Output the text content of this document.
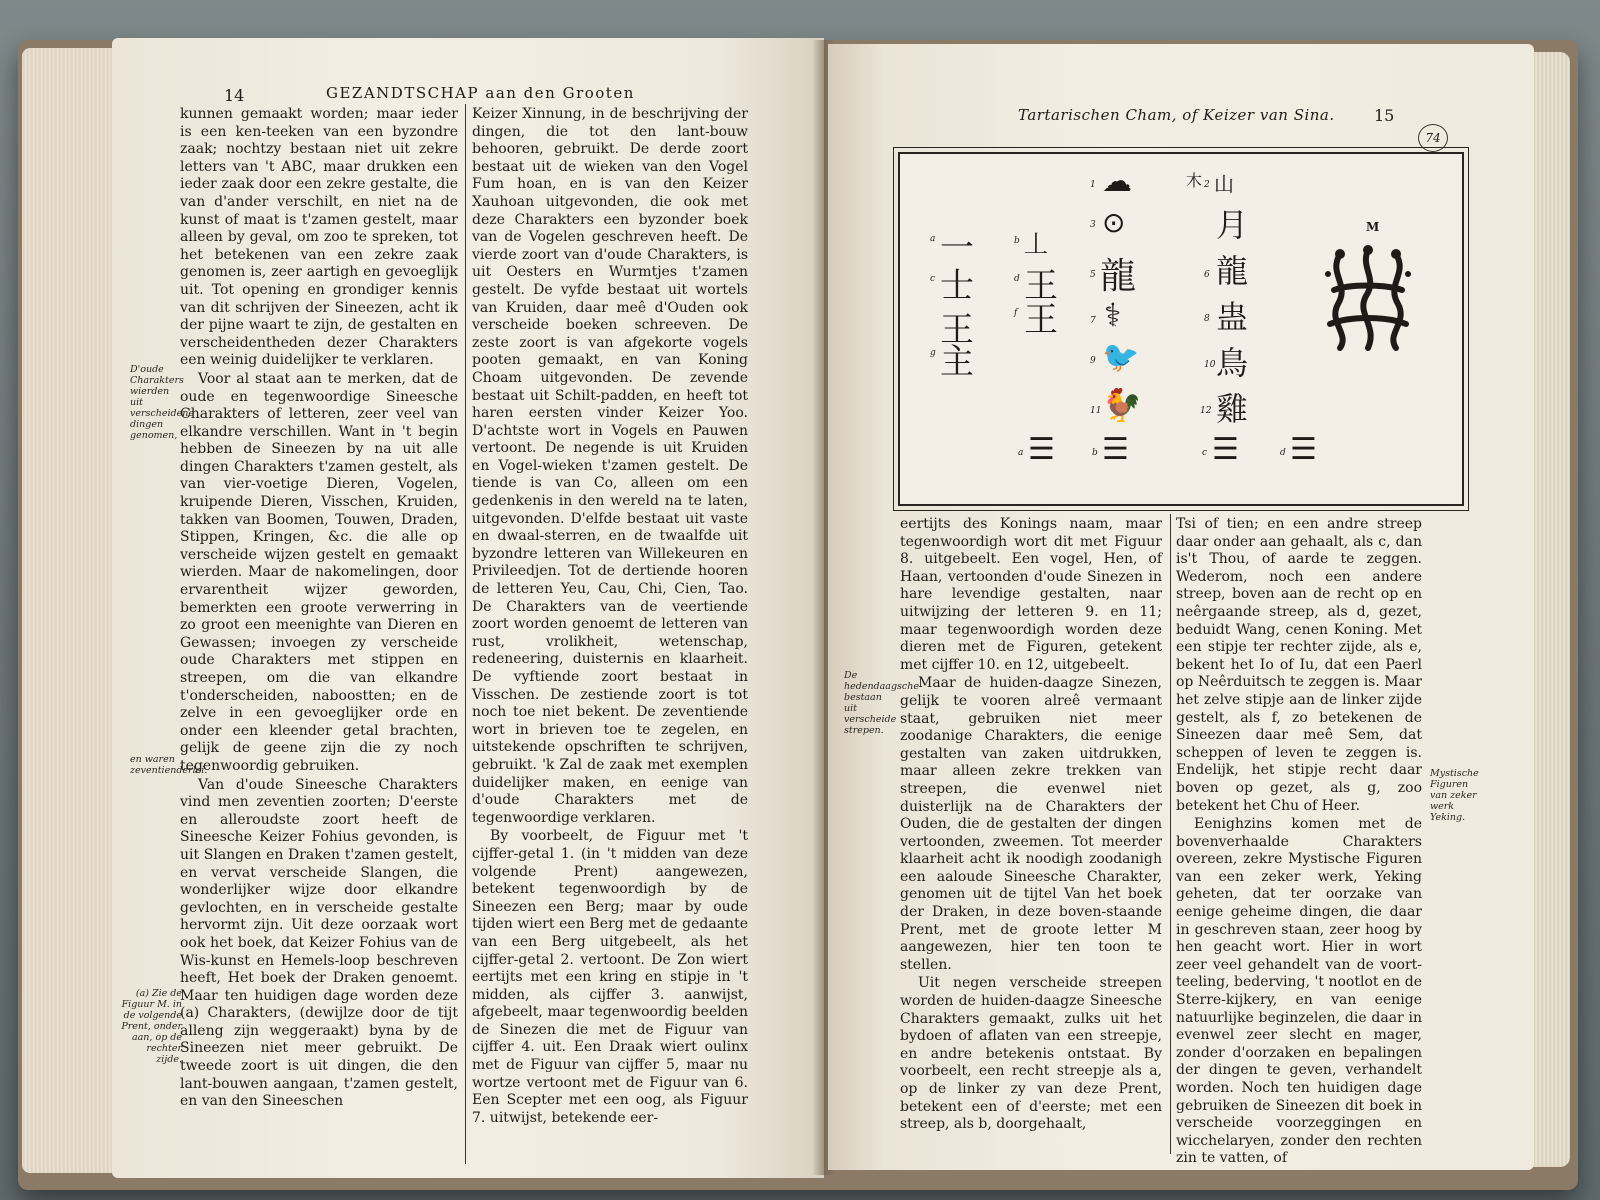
14	GEZANDTSCHAP aan den Grooten

kunnen gemaakt worden; maar ieder is een ken-teeken van een byzondre zaak; nochtzy bestaan niet uit zekre letters van 't ABC, maar drukken een ieder zaak door een zekre gestalte, die van d'ander verschilt, en niet na de kunst of maat is t'zamen gestelt, maar alleen by geval, om zoo te spreken, tot het betekenen van een zekre zaak genomen is, zeer aartigh en gevoeglijk uit. Tot opening en grondiger kennis van dit schrijven der Sineezen, acht ik der pijne waart te zijn, de gestalten en verscheidentheden dezer Charakters een weinig duidelijker te verklaren.

Voor al staat aan te merken, dat de oude en tegenwoordige Sineesche Charakters of letteren, zeer veel van elkandre verschillen. Want in 't begin hebben de Sineezen by na uit alle dingen Charakters t'zamen gestelt, als van vier-voetige Dieren, Vogelen, kruipende Dieren, Visschen, Kruiden, takken van Boomen, Touwen, Draden, Stippen, Kringen, &c. die alle op verscheide wijzen gestelt en gemaakt wierden. Maar de nakomelingen, door ervarentheit wijzer geworden, bemerkten een groote verwerring in zo groot een meenighte van Dieren en Gewassen; invoegen zy verscheide oude Charakters met stippen en streepen, om die van elkandre t'onderscheiden, naboostten; en de zelve in een gevoeglijker orde en onder een kleender getal brachten, gelijk de geene zijn die zy noch tegenwoordig gebruiken.

Van d'oude Sineesche Charakters vind men zeventien zoorten; D'eerste en alleroudste zoort heeft de Sineesche Keizer Fohius gevonden, is uit Slangen en Draken t'zamen gestelt, en vervat verscheide Slangen, die wonderlijker wijze door elkandre gevlochten, en in verscheide gestalte hervormt zijn. Uit deze oorzaak wort ook het boek, dat Keizer Fohius van de Wis-kunst en Hemels-loop beschreven heeft, Het boek der Draken genoemt. Maar ten huidigen dage worden deze (a) Charakters, (dewijlze door de tijt alleng zijn weggeraakt) byna by de Sineezen niet meer gebruikt. De tweede zoort is uit dingen, die den lant-bouwen aangaan, t'zamen gestelt, en van den Sineeschen

Keizer Xinnung, in de beschrijving der dingen, die tot den lant-bouw behooren, gebruikt. De derde zoort bestaat uit de wieken van den Vogel Fum hoan, en is van den Keizer Xauhoan uitgevonden, die ook met deze Charakters een byzonder boek van de Vogelen geschreven heeft. De vierde zoort van d'oude Charakters, is uit Oesters en Wurmtjes t'zamen gestelt. De vyfde bestaat uit wortels van Kruiden, daar meê d'Ouden ook verscheide boeken schreeven. De zeste zoort is van afgekorte vogels pooten gemaakt, en van Koning Choam uitgevonden. De zevende bestaat uit Schilt-padden, en heeft tot haren eersten vinder Keizer Yoo. D'achtste wort in Vogels en Pauwen vertoont. De negende is uit Kruiden en Vogel-wieken t'zamen gestelt. De tiende is van Co, alleen om een gedenkenis in den wereld na te laten, uitgevonden. D'elfde bestaat uit vaste en dwaal-sterren, en de twaalfde uit byzondre letteren van Willekeuren en Privileedjen. Tot de dertiende hooren de letteren Yeu, Cau, Chi, Cien, Tao. De Charakters van de veertiende zoort worden genoemt de letteren van rust, vrolikheit, wetenschap, redeneering, duisternis en klaarheit. De vyftiende zoort bestaat in Visschen. De zestiende zoort is tot noch toe niet bekent. De zeventiende wort in brieven toe te zegelen, en uitstekende opschriften te schrijven, gebruikt. 'k Zal de zaak met exemplen duidelijker maken, en eenige van d'oude Charakters met de tegenwoordige verklaren.

By voorbeelt, de Figuur met 't cijffer-getal 1. (in 't midden van deze volgende Prent) aangewezen, betekent tegenwoordigh by de Sineezen een Berg; maar by oude tijden wiert een Berg met de gedaante van een Berg uitgebeelt, als het cijffer-getal 2. vertoont. De Zon wiert eertijts met een kring en stipje in 't midden, als cijffer 3. aanwijst, afgebeelt, maar tegenwoordig beelden de Sinezen die met de Figuur van cijffer 4. uit. Een Draak wiert oulinx met de Figuur van cijffer 5, maar nu wortze vertoont met de Figuur van 6. Een Scepter met een oog, als Figuur 7. uitwijst, betekende eer-

D'oude Charakters wierden uit verscheidene dingen genomen,
en waren zeventienderlei.
(a) Zie de Figuur M. in de volgende Prent, onder aan, op de rechter zijde.
Tartarischen Cham, of Keizer van Sina. 15
74
a 一
c 士
王
g 主
b 丄
d 王
f 王
1 ☁
3 ⊙
5 龍
7 ⚕
9 🐦
11 🐓
2 山
月
6 龍
8 蛊
10 鳥
12 雞
M
a ☰	b ☰	c ☰	d ☰
木

eertijts des Konings naam, maar tegenwoordigh wort dit met Figuur 8. uitgebeelt. Een vogel, Hen, of Haan, vertoonden d'oude Sinezen in hare levendige gestalten, naar uitwijzing der letteren 9. en 11; maar tegenwoordigh worden deze dieren met de Figuren, getekent met cijffer 10. en 12, uitgebeelt.

Maar de huiden-daagze Sinezen, gelijk te vooren alreê vermaant staat, gebruiken niet meer zoodanige Charakters, die eenige gestalten van zaken uitdrukken, maar alleen zekre trekken van streepen, die evenwel niet duisterlijk na de Charakters der Ouden, die de gestalten der dingen vertoonden, zweemen. Tot meerder klaarheit acht ik noodigh zoodanigh een aaloude Sineesche Charakter, genomen uit de tijtel Van het boek der Draken, in deze boven-staande Prent, met de groote letter M aangewezen, hier ten toon te stellen.

Uit negen verscheide streepen worden de huiden-daagze Sineesche Charakters gemaakt, zulks uit het bydoen of aflaten van een streepje, en andre betekenis ontstaat. By voorbeelt, een recht streepje als a, op de linker zy van deze Prent, betekent een of d'eerste; met een streep, als b, doorgehaalt,

Tsi of tien; en een andre streep daar onder aan gehaalt, als c, dan is't Thou, of aarde te zeggen. Wederom, noch een andere streep, boven aan de recht op en neêrgaande streep, als d, gezet, beduidt Wang, cenen Koning. Met een stipje ter rechter zijde, als e, bekent het Io of Iu, dat een Paerl op Neêrduitsch te zeggen is. Maar het zelve stipje aan de linker zijde gestelt, als f, zo betekenen de Sineezen daar meê Sem, dat scheppen of leven te zeggen is. Endelijk, het stipje recht daar boven op gezet, als g, zoo betekent het Chu of Heer.

Eenighzins komen met de bovenverhaalde Charakters overeen, zekre Mystische Figuren van een zeker werk, Yeking geheten, dat ter oorzake van eenige geheime dingen, die daar in geschreven staan, zeer hoog by hen geacht wort. Hier in wort zeer veel gehandelt van de voort-teeling, bederving, 't nootlot en de Sterre-kijkery, en van eenige natuurlijke beginzelen, die daar in evenwel zeer slecht en mager, zonder d'oorzaken en bepalingen der dingen te geven, verhandelt worden. Noch ten huidigen dage gebruiken de Sineezen dit boek in verscheide voorzeggingen en wicchelaryen, zonder den rechten zin te vatten, of

De hedendaagsche bestaan uit verscheide strepen.
Mystische Figuren van zeker werk Yeking.
